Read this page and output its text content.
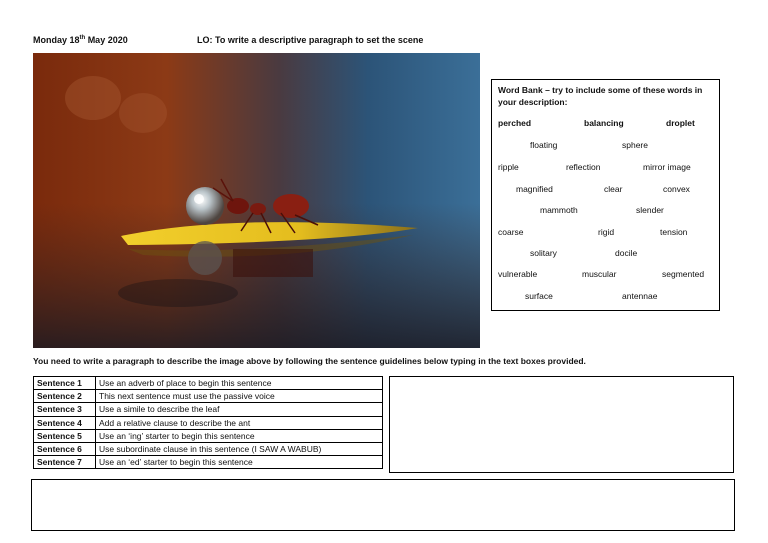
Monday 18th May 2020	LO: To write a descriptive paragraph to set the scene
Word Bank – try to include some of these words in your description:
perched	balancing	droplet
floating	sphere
ripple	reflection	mirror image
magnified	clear	convex
mammoth	slender
coarse	rigid	tension
solitary	docile
vulnerable	muscular	segmented
surface	antennae
You need to write a paragraph to describe the image above by following the sentence guidelines below typing in the text boxes provided.
Sentence 1	Use an adverb of place to begin this sentence
Sentence 2	This next sentence must use the passive voice
Sentence 3	Use a simile to describe the leaf
Sentence 4	Add a relative clause to describe the ant
Sentence 5	Use an ‘ing’ starter to begin this sentence
Sentence 6	Use subordinate clause in this sentence (I SAW A WABUB)
Sentence 7	Use an ‘ed’ starter to begin this sentence
